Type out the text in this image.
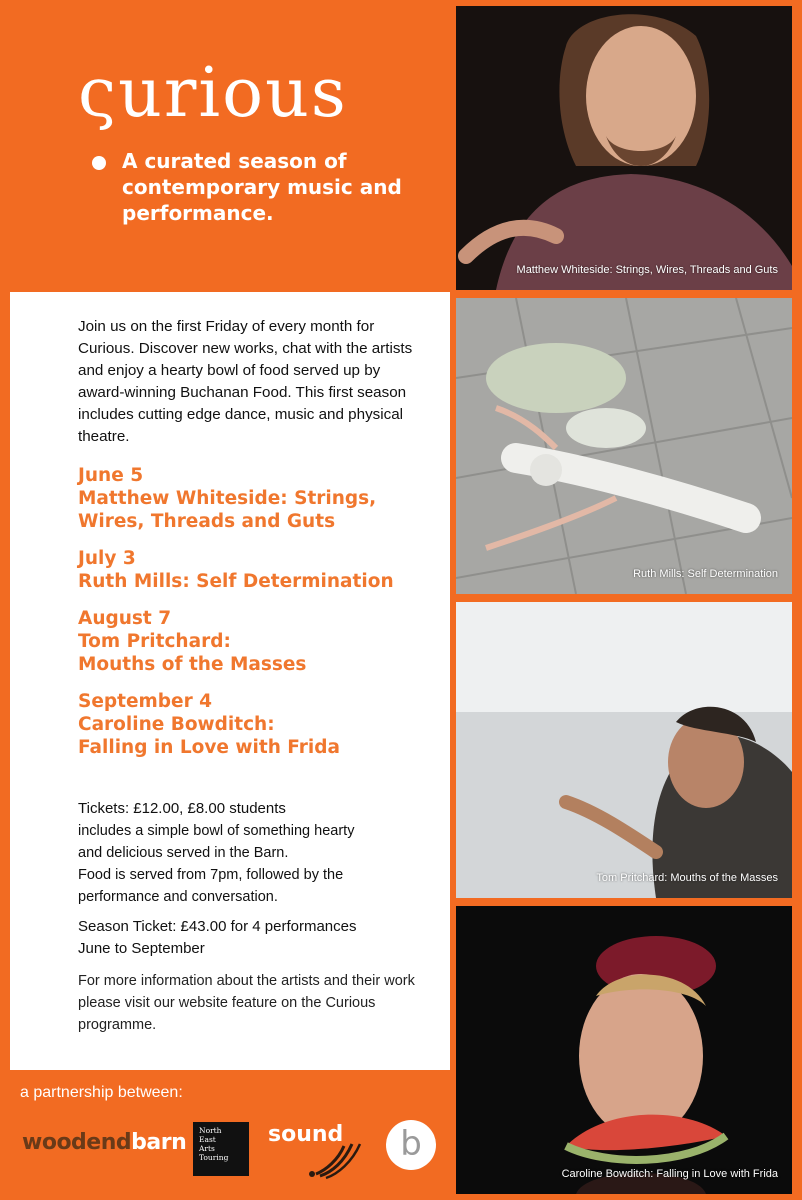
ςurious
A curated season of contemporary music and performance.
Join us on the first Friday of every month for Curious. Discover new works, chat with the artists and enjoy a hearty bowl of food served up by award-winning Buchanan Food. This first season includes cutting edge dance, music and physical theatre.
June 5
Matthew Whiteside: Strings,
Wires, Threads and Guts
July 3
Ruth Mills: Self Determination
August 7
Tom Pritchard:
Mouths of the Masses
September 4
Caroline Bowditch:
Falling in Love with Frida
Tickets: £12.00, £8.00 students
includes a simple bowl of something hearty
and delicious served in the Barn.
Food is served from 7pm, followed by the
performance and conversation.
Season Ticket: £43.00 for 4 performances
June to September
For more information about the artists and their work please visit our website feature on the Curious programme.
a partnership between:
woodendbarn North
East
Arts
Touring
sound	b
Matthew Whiteside: Strings, Wires, Threads and Guts
Ruth Mills: Self Determination
Tom Pritchard: Mouths of the Masses
Caroline Bowditch: Falling in Love with Frida
